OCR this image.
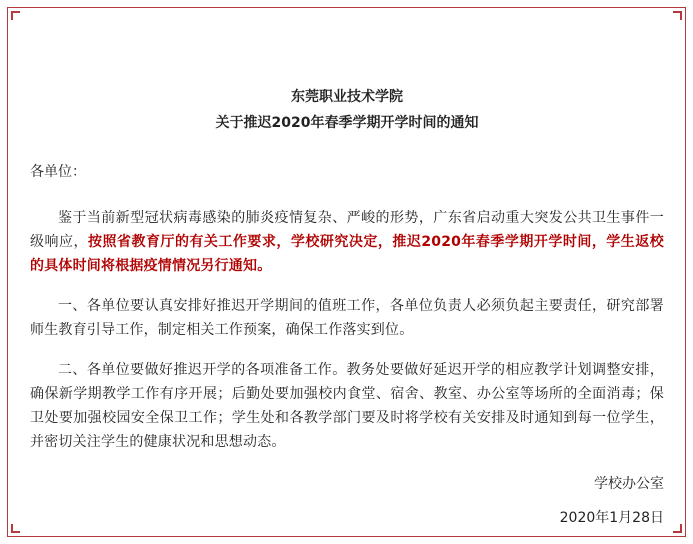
东莞职业技术学院
关于推迟2020年春季学期开学时间的通知
各单位：

鉴于当前新型冠状病毒感染的肺炎疫情复杂、严峻的形势，广东省启动重大突发公共卫生事件一级响应，按照省教育厅的有关工作要求，学校研究决定，推迟2020年春季学期开学时间，学生返校的具体时间将根据疫情情况另行通知。

一、各单位要认真安排好推迟开学期间的值班工作，各单位负责人必须负起主要责任，研究部署师生教育引导工作，制定相关工作预案，确保工作落实到位。

二、各单位要做好推迟开学的各项准备工作。教务处要做好延迟开学的相应教学计划调整安排，确保新学期教学工作有序开展；后勤处要加强校内食堂、宿舍、教室、办公室等场所的全面消毒；保卫处要加强校园安全保卫工作；学生处和各教学部门要及时将学校有关安排及时通知到每一位学生，并密切关注学生的健康状况和思想动态。

学校办公室
2020年1月28日
